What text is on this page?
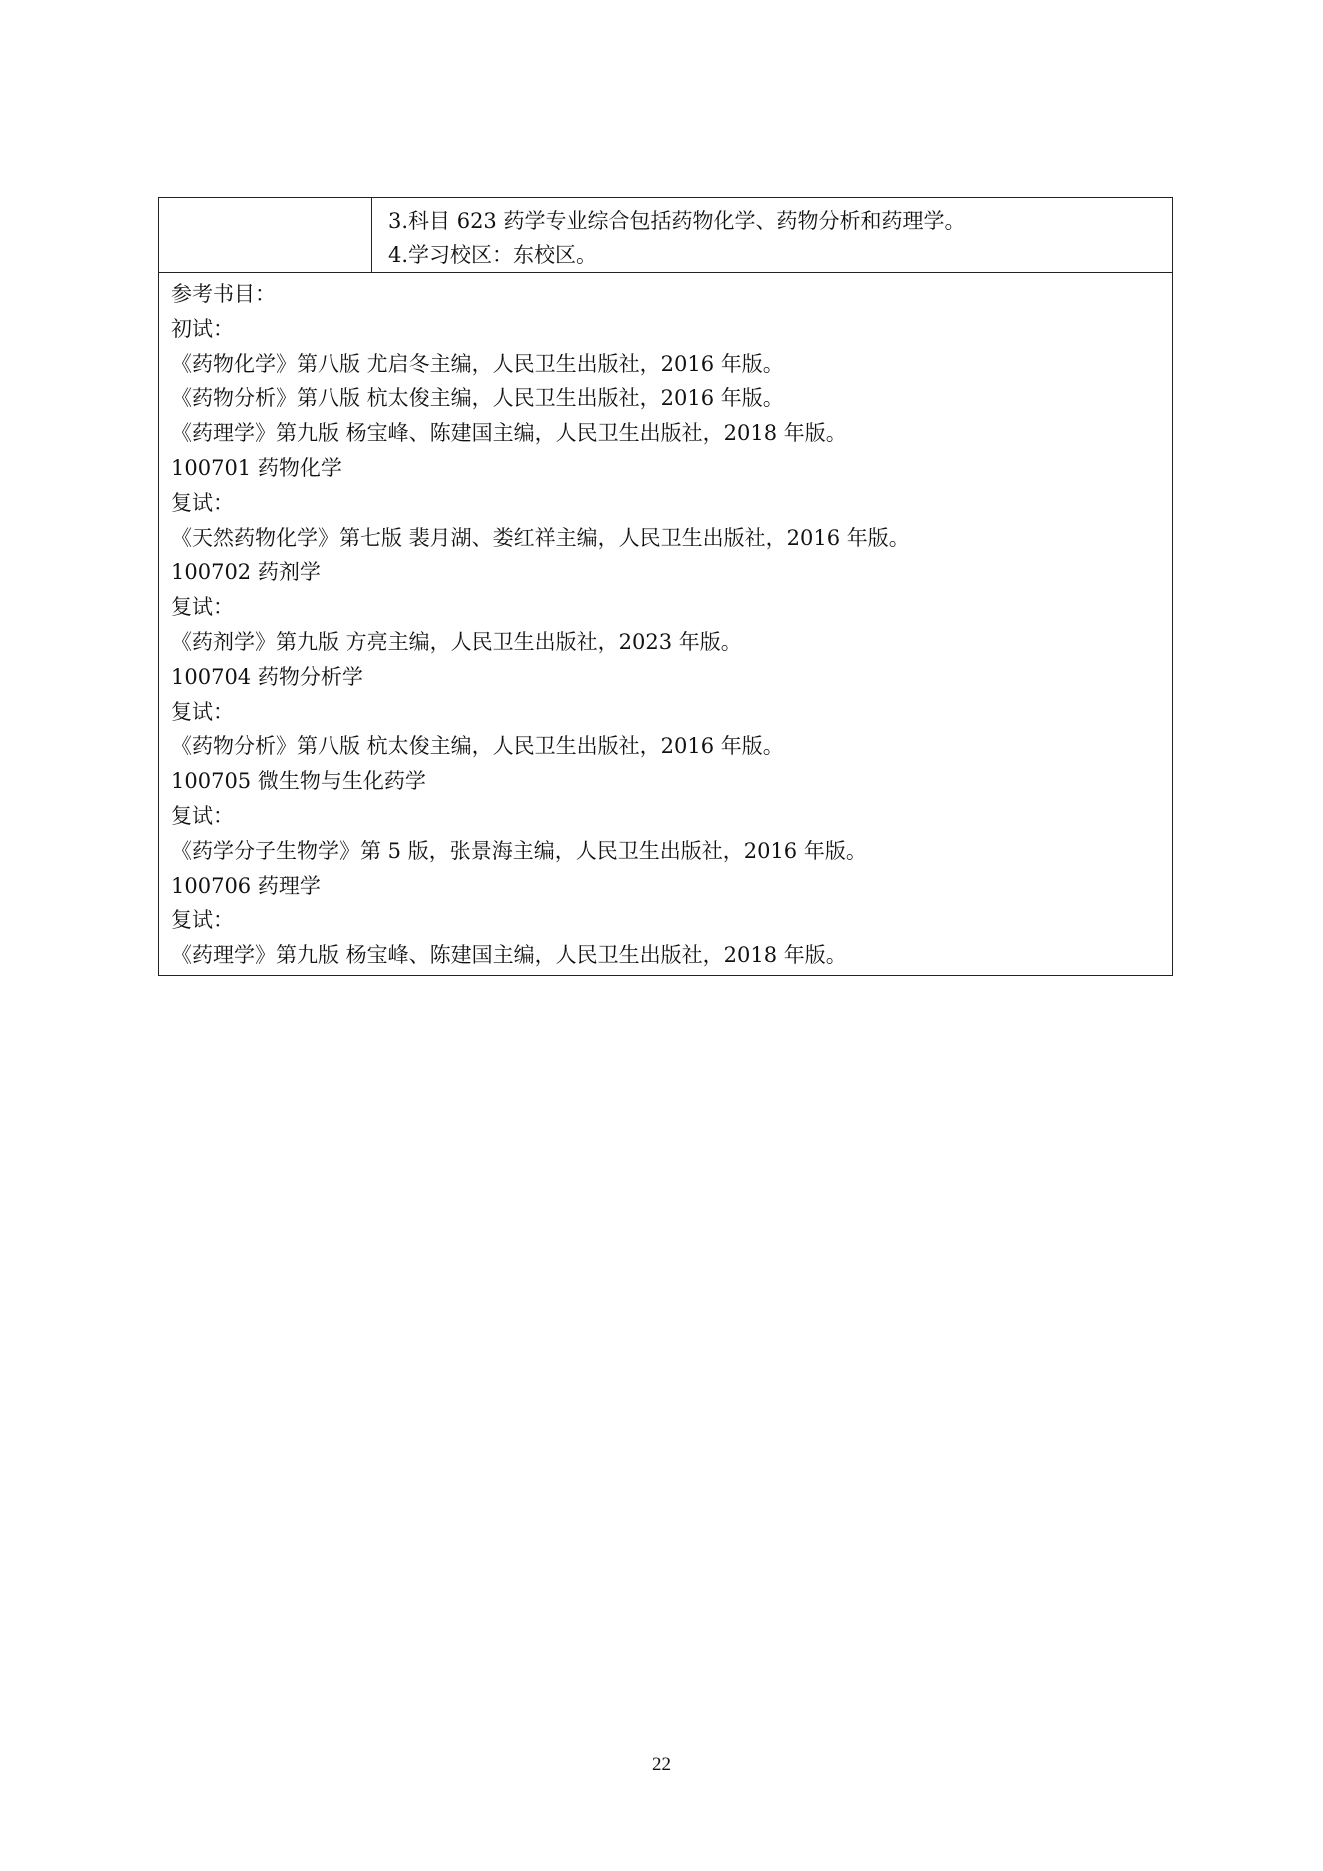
3.科目 623 药学专业综合包括药物化学、药物分析和药理学。
4.学习校区：东校区。

参考书目：
初试：
《药物化学》第八版 尤启冬主编，人民卫生出版社，2016 年版。
《药物分析》第八版 杭太俊主编，人民卫生出版社，2016 年版。
《药理学》第九版 杨宝峰、陈建国主编，人民卫生出版社，2018 年版。
100701 药物化学
复试：
《天然药物化学》第七版 裴月湖、娄红祥主编，人民卫生出版社，2016 年版。
100702 药剂学
复试：
《药剂学》第九版 方亮主编，人民卫生出版社，2023 年版。
100704 药物分析学
复试：
《药物分析》第八版 杭太俊主编，人民卫生出版社，2016 年版。
100705 微生物与生化药学
复试：
《药学分子生物学》第 5 版，张景海主编，人民卫生出版社，2016 年版。
100706 药理学
复试：
《药理学》第九版 杨宝峰、陈建国主编，人民卫生出版社，2018 年版。
22
